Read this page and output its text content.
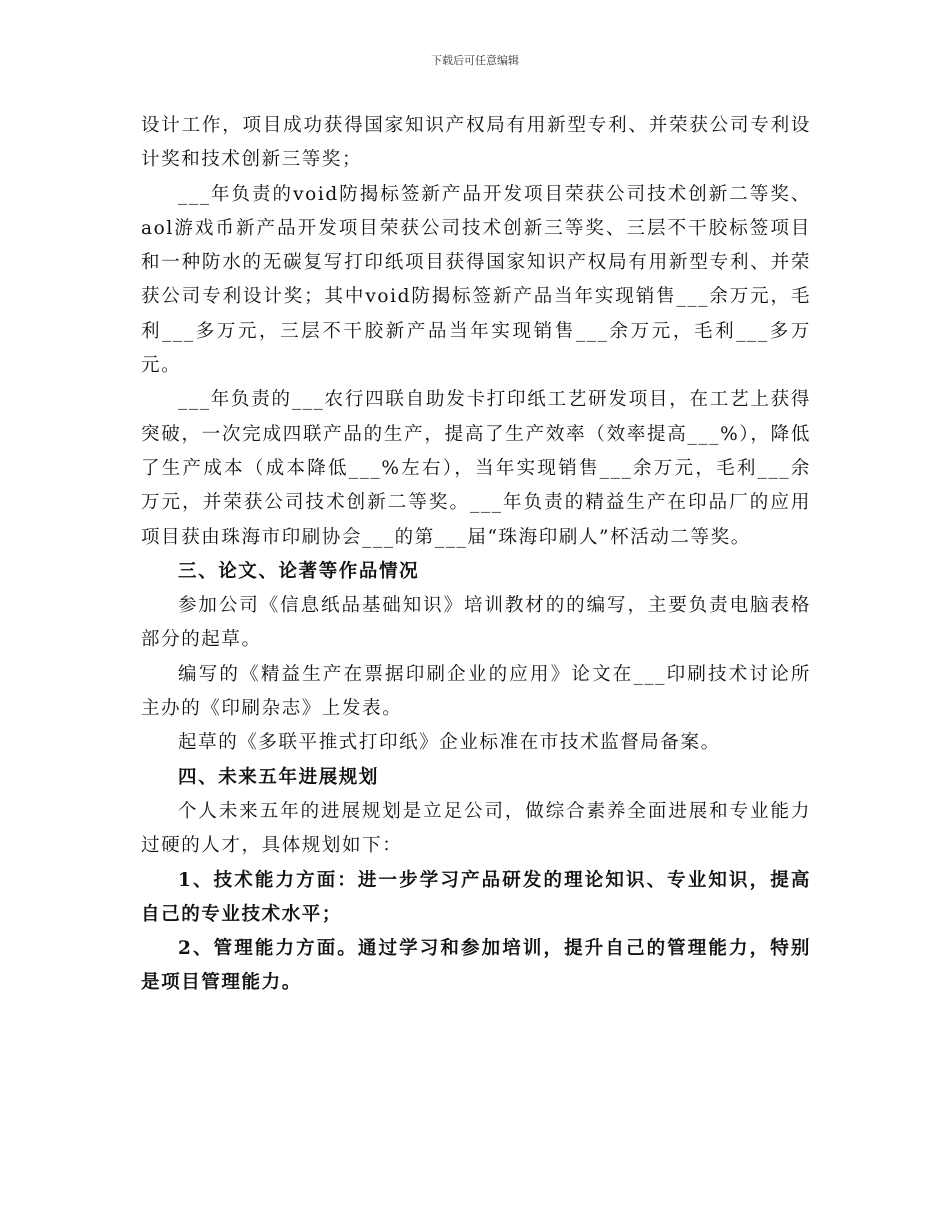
下载后可任意编辑

设计工作，项目成功获得国家知识产权局有用新型专利、并荣获公司专利设计奖和技术创新三等奖；

___年负责的void防揭标签新产品开发项目荣获公司技术创新二等奖、aol游戏币新产品开发项目荣获公司技术创新三等奖、三层不干胶标签项目和一种防水的无碳复写打印纸项目获得国家知识产权局有用新型专利、并荣获公司专利设计奖；其中void防揭标签新产品当年实现销售___余万元，毛利___多万元，三层不干胶新产品当年实现销售___余万元，毛利___多万元。

___年负责的___农行四联自助发卡打印纸工艺研发项目，在工艺上获得突破，一次完成四联产品的生产，提高了生产效率（效率提高___%），降低了生产成本（成本降低___%左右），当年实现销售___余万元，毛利___余万元，并荣获公司技术创新二等奖。___年负责的精益生产在印品厂的应用项目获由珠海市印刷协会___的第___届“珠海印刷人”杯活动二等奖。

三、论文、论著等作品情况

参加公司《信息纸品基础知识》培训教材的的编写，主要负责电脑表格部分的起草。

编写的《精益生产在票据印刷企业的应用》论文在___印刷技术讨论所主办的《印刷杂志》上发表。

起草的《多联平推式打印纸》企业标准在市技术监督局备案。

四、未来五年进展规划

个人未来五年的进展规划是立足公司，做综合素养全面进展和专业能力过硬的人才，具体规划如下：

1、技术能力方面：进一步学习产品研发的理论知识、专业知识，提高自己的专业技术水平；

2、管理能力方面。通过学习和参加培训，提升自己的管理能力，特别是项目管理能力。
